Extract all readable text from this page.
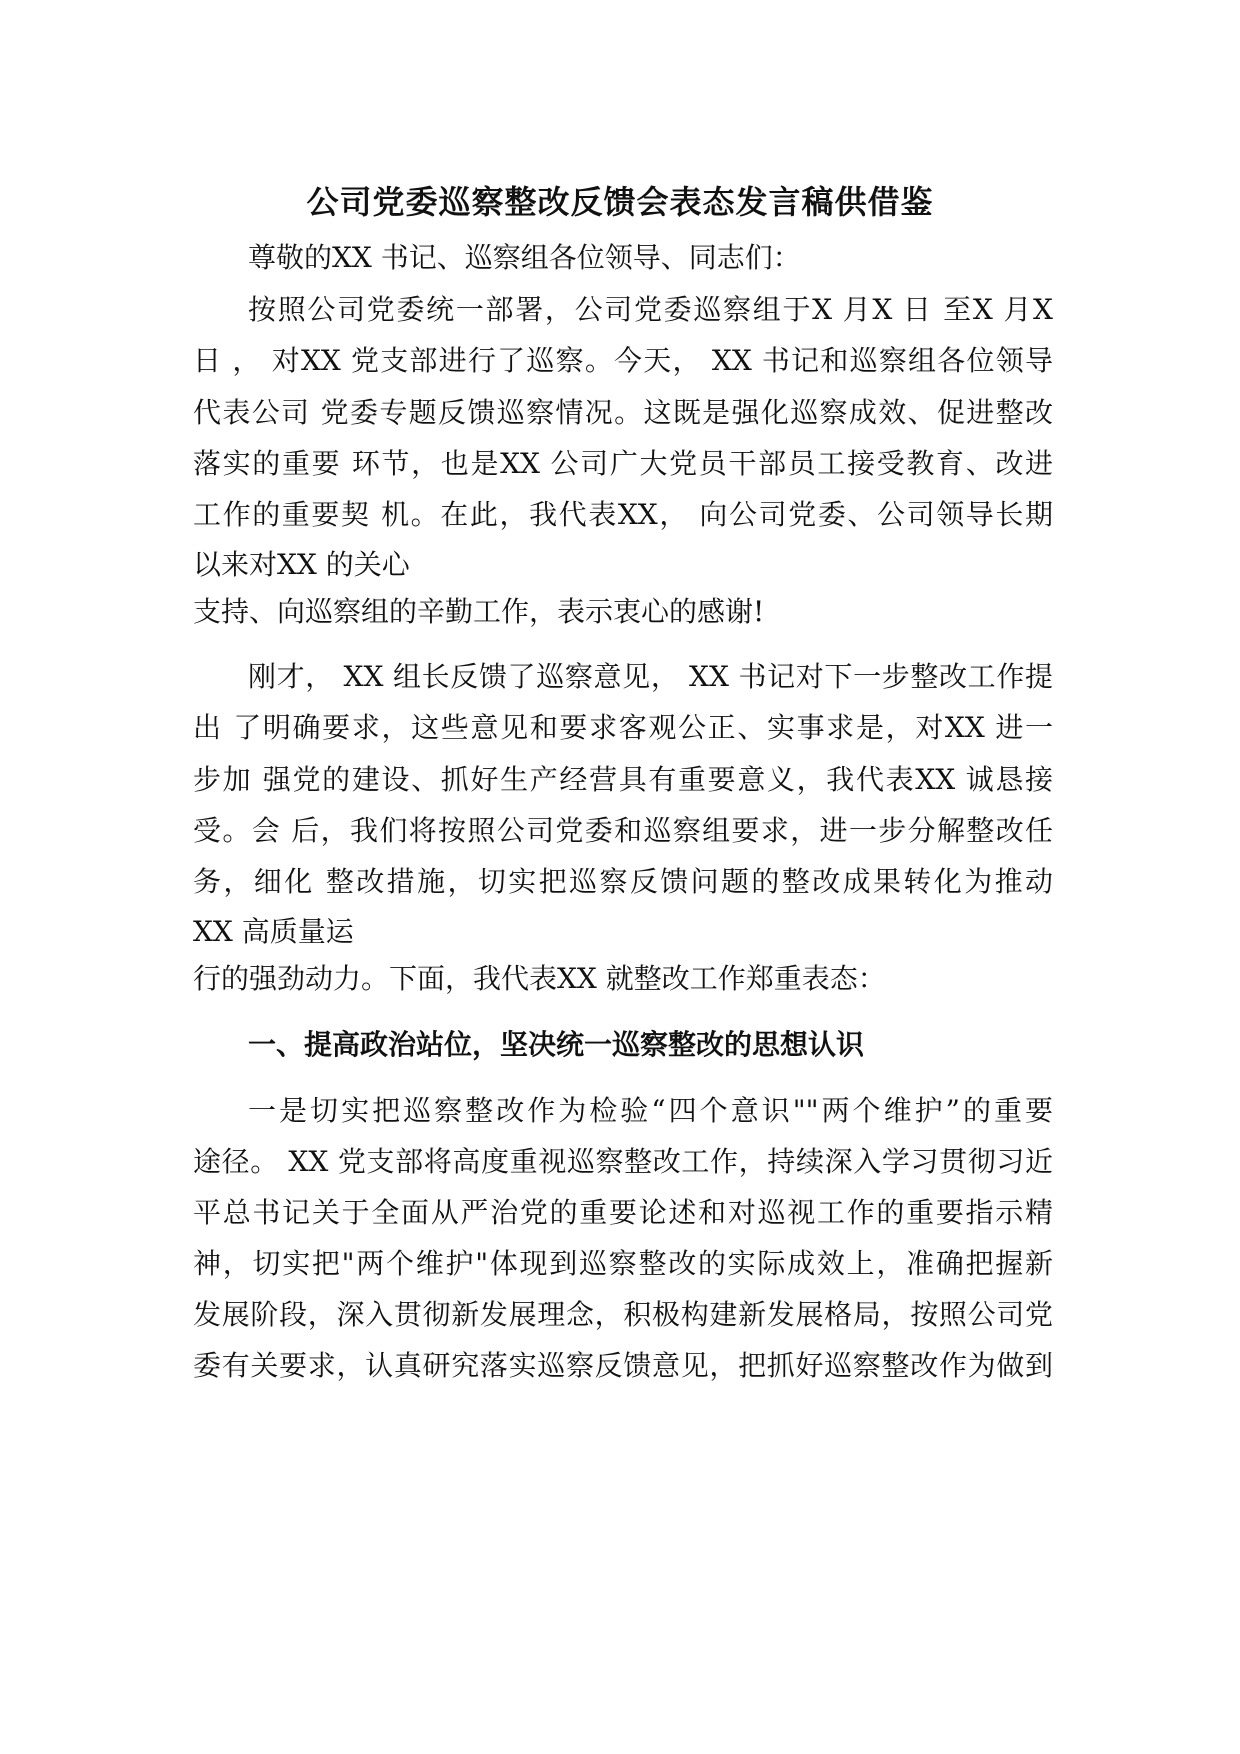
公司党委巡察整改反馈会表态发言稿供借鉴
尊敬的XX 书记、巡察组各位领导、同志们：
按照公司党委统一部署，公司党委巡察组于X 月X 日 至X 月X
日 ， 对XX 党支部进行了巡察。今天， XX 书记和巡察组各位领导
代表公司 党委专题反馈巡察情况。这既是强化巡察成效、促进整改
落实的重要 环节，也是XX 公司广大党员干部员工接受教育、改进
工作的重要契 机。在此，我代表XX， 向公司党委、公司领导长期
以来对XX 的关心
支持、向巡察组的辛勤工作，表示衷心的感谢!
刚才， XX 组长反馈了巡察意见， XX 书记对下一步整改工作提
出 了明确要求，这些意见和要求客观公正、实事求是，对XX 进一
步加 强党的建设、抓好生产经营具有重要意义，我代表XX 诚恳接
受。会 后，我们将按照公司党委和巡察组要求，进一步分解整改任
务，细化 整改措施，切实把巡察反馈问题的整改成果转化为推动
XX 高质量运
行的强劲动力。下面，我代表XX 就整改工作郑重表态：
一、提高政治站位，坚决统一巡察整改的思想认识
一是切实把巡察整改作为检验“四个意识""两个维护”的重要
途径。 XX 党支部将高度重视巡察整改工作，持续深入学习贯彻习近
平总书记关于全面从严治党的重要论述和对巡视工作的重要指示精
神，切实把"两个维护"体现到巡察整改的实际成效上，准确把握新
发展阶段，深入贯彻新发展理念，积极构建新发展格局，按照公司党
委有关要求，认真研究落实巡察反馈意见，把抓好巡察整改作为做到
